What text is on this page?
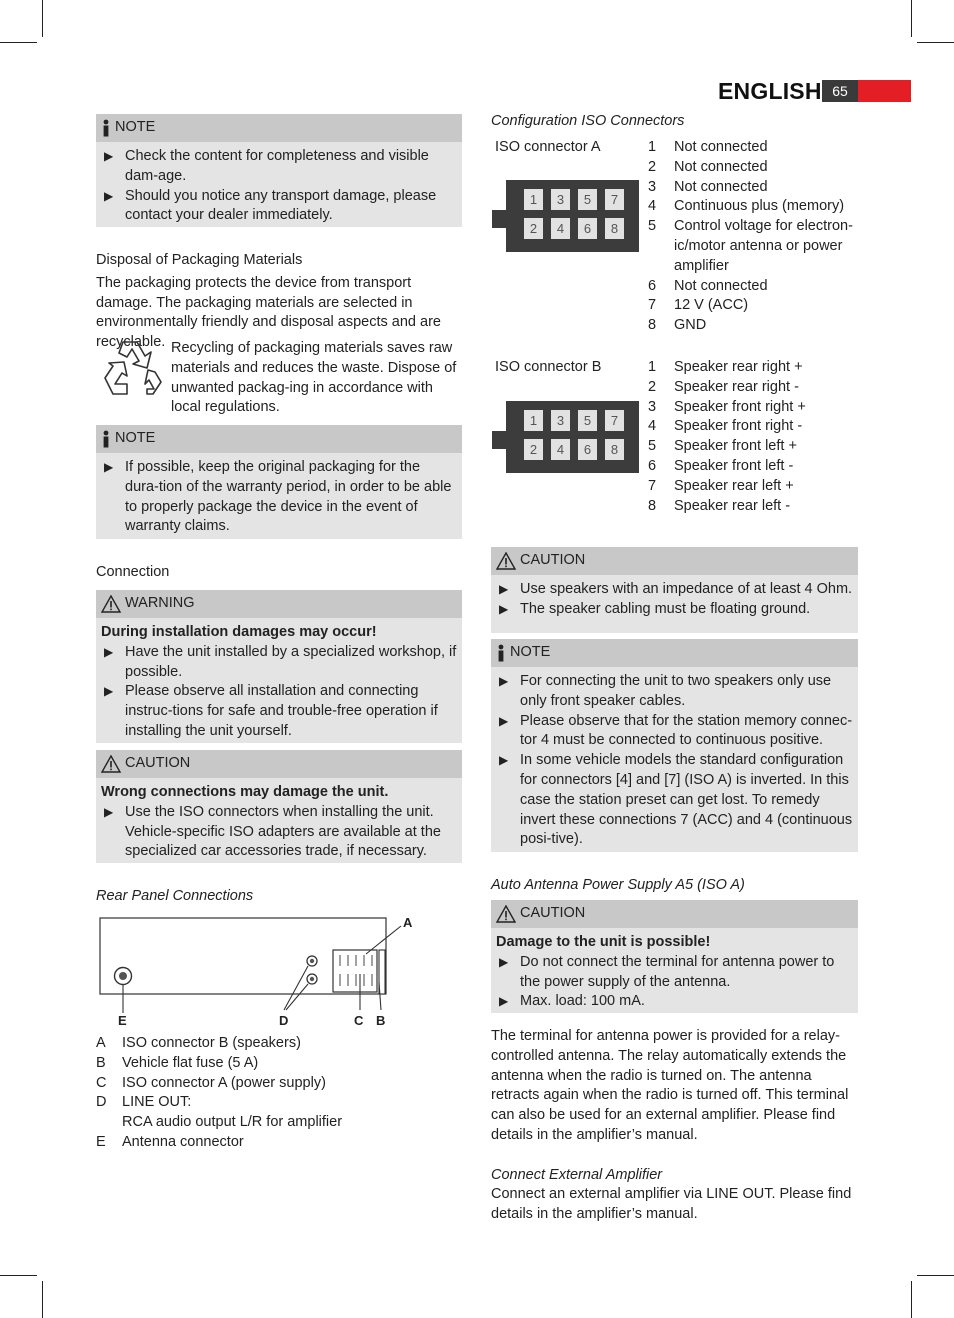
ENGLISH 65
NOTE
▶ Check the content for completeness and visible dam-age.
▶ Should you notice any transport damage, please contact your dealer immediately.

Disposal of Packaging Materials

The packaging protects the device from transport damage. The packaging materials are selected in environmentally friendly and disposal aspects and are recyclable. Recycling of packaging materials saves raw materials and reduces the waste. Dispose of unwanted packag-ing in accordance with local regulations.

NOTE
▶ If possible, keep the original packaging for the dura-tion of the warranty period, in order to be able to properly package the device in the event of warranty claims.

Connection

WARNING

During installation damages may occur!

▶ Have the unit installed by a specialized workshop, if possible.
▶ Please observe all installation and connecting instruc-tions for safe and trouble-free operation if installing the unit yourself.
CAUTION

Wrong connections may damage the unit.

▶ Use the ISO connectors when installing the unit. Vehicle-specific ISO adapters are available at the specialized car accessories trade, if necessary.

Rear Panel Connections

A
E	D	C B
A	ISO connector B (speakers)
B	Vehicle flat fuse (5 A)
C	ISO connector A (power supply)
D	LINE OUT:
RCA audio output L/R for amplifier
E	Antenna connector

Configuration ISO Connectors

ISO connector A

1	3	5	7
2	4	6	8
1	Not connected
2	Not connected
3	Not connected
4	Continuous plus (memory)
5	Control voltage for electron-ic/motor antenna or power amplifier
6	Not connected
7	12 V (ACC)
8	GND

ISO connector B

1	3	5	7
2	4	6	8
1	Speaker rear right +
2	Speaker rear right -
3	Speaker front right +
4	Speaker front right -
5	Speaker front left +
6	Speaker front left -
7	Speaker rear left +
8	Speaker rear left -
CAUTION
▶ Use speakers with an impedance of at least 4 Ohm.
▶ The speaker cabling must be floating ground.
NOTE
▶ For connecting the unit to two speakers only use only front speaker cables.
▶ Please observe that for the station memory connec-tor 4 must be connected to continuous positive.
▶ In some vehicle models the standard configuration for connectors [4] and [7] (ISO A) is inverted. In this case the station preset can get lost. To remedy invert these connections 7 (ACC) and 4 (continuous posi-tive).

Auto Antenna Power Supply A5 (ISO A)

CAUTION

Damage to the unit is possible!

▶ Do not connect the terminal for antenna power to the power supply of the antenna.
▶ Max. load: 100 mA.

The terminal for antenna power is provided for a relay-controlled antenna. The relay automatically extends the antenna when the radio is turned on. The antenna retracts again when the radio is turned off. This terminal can also be used for an external amplifier. Please find details in the amplifier’s manual.

Connect External Amplifier

Connect an external amplifier via LINE OUT. Please find details in the amplifier’s manual.
